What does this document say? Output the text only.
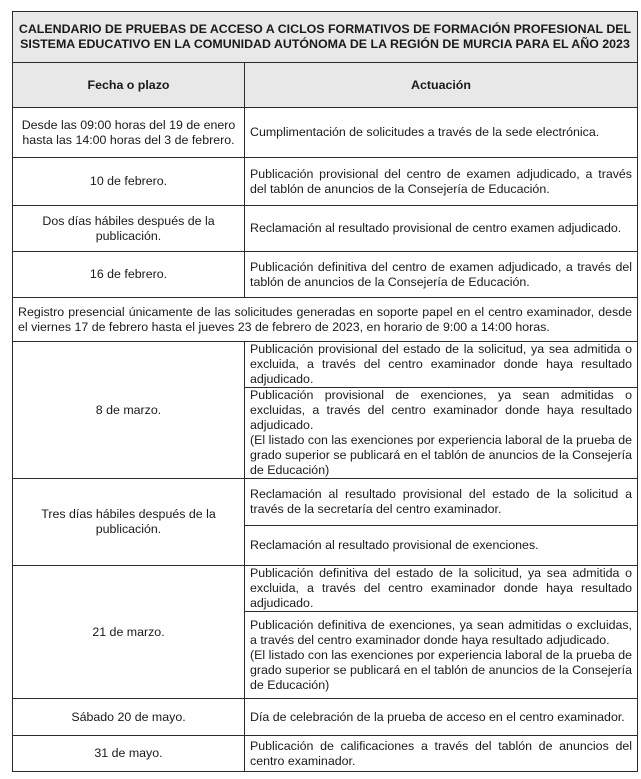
CALENDARIO DE PRUEBAS DE ACCESO A CICLOS FORMATIVOS DE FORMACIÓN PROFESIONAL DEL SISTEMA EDUCATIVO EN LA COMUNIDAD AUTÓNOMA DE LA REGIÓN DE MURCIA PARA EL AÑO 2023	
Fecha o plazo	Actuación
Desde las 09:00 horas del 19 de enero hasta las 14:00 horas del 3 de febrero.	Cumplimentación de solicitudes a través de la sede electrónica.
10 de febrero.	Publicación provisional del centro de examen adjudicado, a través del tablón de anuncios de la Consejería de Educación.
Dos días hábiles después de la publicación.	Reclamación al resultado provisional de centro examen adjudicado.
16 de febrero.	Publicación definitiva del centro de examen adjudicado, a través del tablón de anuncios de la Consejería de Educación.
Registro presencial únicamente de las solicitudes generadas en soporte papel en el centro examinador, desde el viernes 17 de febrero hasta el jueves 23 de febrero de 2023, en horario de 9:00 a 14:00 horas.	
8 de marzo.	Publicación provisional del estado de la solicitud, ya sea admitida o excluida, a través del centro examinador donde haya resultado adjudicado.
	Publicación provisional de exenciones, ya sean admitidas o excluidas, a través del centro examinador donde haya resultado adjudicado.
(El listado con las exenciones por experiencia laboral de la prueba de grado superior se publicará en el tablón de anuncios de la Consejería de Educación)

Tres días hábiles después de la publicación.	Reclamación al resultado provisional del estado de la solicitud a través de la secretaría del centro examinador.
	Reclamación al resultado provisional de exenciones.
21 de marzo.	Publicación definitiva del estado de la solicitud, ya sea admitida o excluida, a través del centro examinador donde haya resultado adjudicado.
	Publicación definitiva de exenciones, ya sean admitidas o excluidas, a través del centro examinador donde haya resultado adjudicado.
(El listado con las exenciones por experiencia laboral de la prueba de grado superior se publicará en el tablón de anuncios de la Consejería de Educación)

Sábado 20 de mayo.	Día de celebración de la prueba de acceso en el centro examinador.
31 de mayo.	Publicación de calificaciones a través del tablón de anuncios del centro examinador.
